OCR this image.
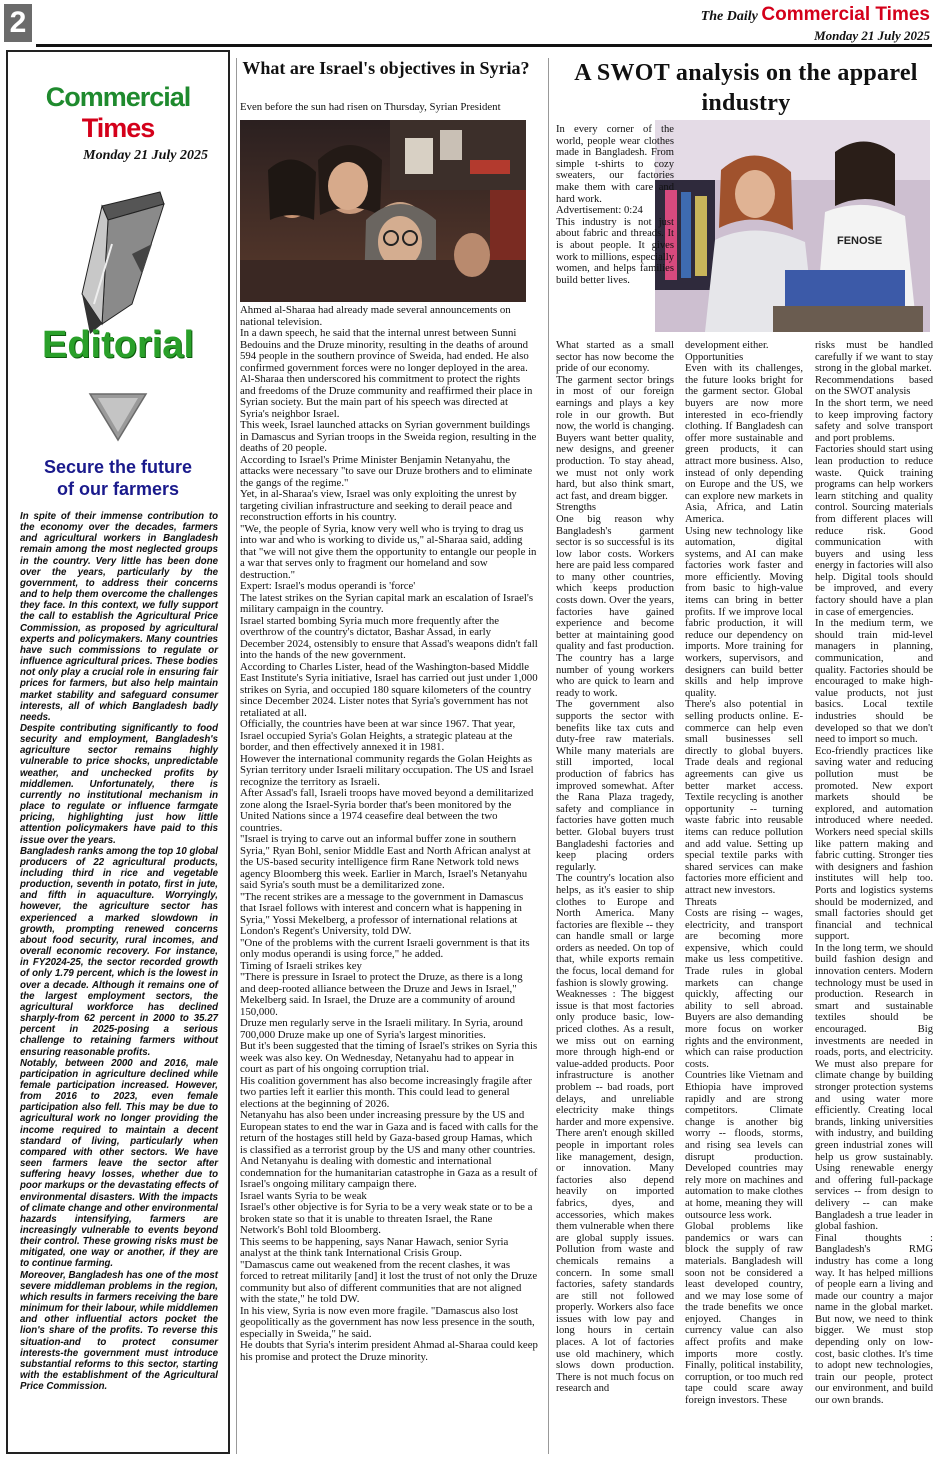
2	The Daily Commercial Times
Monday 21 July 2025
Commercial Times
Monday 21 July 2025
Editorial
Secure the future
of our farmers

In spite of their immense contribution to the economy over the decades, farmers and agricultural workers in Bangladesh remain among the most neglected groups in the country. Very little has been done over the years, particularly by the government, to address their concerns and to help them overcome the challenges they face. In this context, we fully support the call to establish the Agricultural Price Commission, as proposed by agricultural experts and policymakers. Many countries have such commissions to regulate or influence agricultural prices. These bodies not only play a crucial role in ensuring fair prices for farmers, but also help maintain market stability and safeguard consumer interests, all of which Bangladesh badly needs.

Despite contributing significantly to food security and employment, Bangladesh's agriculture sector remains highly vulnerable to price shocks, unpredictable weather, and unchecked profits by middlemen. Unfortunately, there is currently no institutional mechanism in place to regulate or influence farmgate pricing, highlighting just how little attention policymakers have paid to this issue over the years.

Bangladesh ranks among the top 10 global producers of 22 agricultural products, including third in rice and vegetable production, seventh in potato, first in jute, and fifth in aquaculture. Worryingly, however, the agriculture sector has experienced a marked slowdown in growth, prompting renewed concerns about food security, rural incomes, and overall economic recovery. For instance, in FY2024-25, the sector recorded growth of only 1.79 percent, which is the lowest in over a decade. Although it remains one of the largest employment sectors, the agricultural workforce has declined sharply-from 62 percent in 2000 to 35.27 percent in 2025-posing a serious challenge to retaining farmers without ensuring reasonable profits.

Notably, between 2000 and 2016, male participation in agriculture declined while female participation increased. However, from 2016 to 2023, even female participation also fell. This may be due to agricultural work no longer providing the income required to maintain a decent standard of living, particularly when compared with other sectors. We have seen farmers leave the sector after suffering heavy losses, whether due to poor markups or the devastating effects of environmental disasters. With the impacts of climate change and other environmental hazards intensifying, farmers are increasingly vulnerable to events beyond their control. These growing risks must be mitigated, one way or another, if they are to continue farming.

Moreover, Bangladesh has one of the most severe middleman problems in the region, which results in farmers receiving the bare minimum for their labour, while middlemen and other influential actors pocket the lion's share of the profits. To reverse this situation-and to protect consumer interests-the government must introduce substantial reforms to this sector, starting with the establishment of the Agricultural Price Commission.

What are Israel's objectives in Syria?
Even before the sun had risen on Thursday, Syrian President

Ahmed al-Sharaa had already made several announcements on national television.

In a dawn speech, he said that the internal unrest between Sunni Bedouins and the Druze minority, resulting in the deaths of around 594 people in the southern province of Sweida, had ended. He also confirmed government forces were no longer deployed in the area.

Al-Sharaa then underscored his commitment to protect the rights and freedoms of the Druze community and reaffirmed their place in Syrian society. But the main part of his speech was directed at Syria's neighbor Israel.

This week, Israel launched attacks on Syrian government buildings in Damascus and Syrian troops in the Sweida region, resulting in the deaths of 20 people.

According to Israel's Prime Minister Benjamin Netanyahu, the attacks were necessary "to save our Druze brothers and to eliminate the gangs of the regime."

Yet, in al-Sharaa's view, Israel was only exploiting the unrest by targeting civilian infrastructure and seeking to derail peace and reconstruction efforts in his country.

"We, the people of Syria, know very well who is trying to drag us into war and who is working to divide us," al-Sharaa said, adding that "we will not give them the opportunity to entangle our people in a war that serves only to fragment our homeland and sow destruction."

Expert: Israel's modus operandi is 'force'

The latest strikes on the Syrian capital mark an escalation of Israel's military campaign in the country.

Israel started bombing Syria much more frequently after the overthrow of the country's dictator, Bashar Assad, in early December 2024, ostensibly to ensure that Assad's weapons didn't fall into the hands of the new government.

According to Charles Lister, head of the Washington-based Middle East Institute's Syria initiative, Israel has carried out just under 1,000 strikes on Syria, and occupied 180 square kilometers of the country since December 2024. Lister notes that Syria's government has not retaliated at all.

Officially, the countries have been at war since 1967. That year, Israel occupied Syria's Golan Heights, a strategic plateau at the border, and then effectively annexed it in 1981.

However the international community regards the Golan Heights as Syrian territory under Israeli military occupation. The US and Israel recognize the territory as Israeli.

After Assad's fall, Israeli troops have moved beyond a demilitarized zone along the Israel-Syria border that's been monitored by the United Nations since a 1974 ceasefire deal between the two countries.

"Israel is trying to carve out an informal buffer zone in southern Syria," Ryan Bohl, senior Middle East and North African analyst at the US-based security intelligence firm Rane Network told news agency Bloomberg this week. Earlier in March, Israel's Netanyahu said Syria's south must be a demilitarized zone.

"The recent strikes are a message to the government in Damascus that Israel follows with interest and concern what is happening in Syria," Yossi Mekelberg, a professor of international relations at London's Regent's University, told DW.

"One of the problems with the current Israeli government is that its only modus operandi is using force," he added.

Timing of Israeli strikes key

"There is pressure in Israel to protect the Druze, as there is a long and deep-rooted alliance between the Druze and Jews in Israel," Mekelberg said. In Israel, the Druze are a community of around 150,000.

Druze men regularly serve in the Israeli military. In Syria, around 700,000 Druze make up one of Syria's largest minorities.

But it's been suggested that the timing of Israel's strikes on Syria this week was also key. On Wednesday, Netanyahu had to appear in court as part of his ongoing corruption trial.

His coalition government has also become increasingly fragile after two parties left it earlier this month. This could lead to general elections at the beginning of 2026.

Netanyahu has also been under increasing pressure by the US and European states to end the war in Gaza and is faced with calls for the return of the hostages still held by Gaza-based group Hamas, which is classified as a terrorist group by the US and many other countries.

And Netanyahu is dealing with domestic and international condemnation for the humanitarian catastrophe in Gaza as a result of Israel's ongoing military campaign there.

Israel wants Syria to be weak

Israel's other objective is for Syria to be a very weak state or to be a broken state so that it is unable to threaten Israel, the Rane Network's Bohl told Bloomberg.

This seems to be happening, says Nanar Hawach, senior Syria analyst at the think tank International Crisis Group.

"Damascus came out weakened from the recent clashes, it was forced to retreat militarily [and] it lost the trust of not only the Druze community but also of different communities that are not aligned with the state," he told DW.

In his view, Syria is now even more fragile. "Damascus also lost geopolitically as the government has now less presence in the south, especially in Sweida," he said.

He doubts that Syria's interim president Ahmad al-Sharaa could keep his promise and protect the Druze minority.

A SWOT analysis on the apparel industry
FENOSE

In every corner of the world, people wear clothes made in Bangladesh. From simple t-shirts to cozy sweaters, our factories make them with care and hard work.

Advertisement: 0:24

This industry is not just about fabric and threads. It is about people. It gives work to millions, especially women, and helps families build better lives.

What started as a small sector has now become the pride of our economy.

The garment sector brings in most of our foreign earnings and plays a key role in our growth. But now, the world is changing. Buyers want better quality, new designs, and greener production. To stay ahead, we must not only work hard, but also think smart, act fast, and dream bigger.

Strengths

One big reason why Bangladesh's garment sector is so successful is its low labor costs. Workers here are paid less compared to many other countries, which keeps production costs down. Over the years, factories have gained experience and become better at maintaining good quality and fast production. The country has a large number of young workers who are quick to learn and ready to work.

The government also supports the sector with benefits like tax cuts and duty-free raw materials. While many materials are still imported, local production of fabrics has improved somewhat. After the Rana Plaza tragedy, safety and compliance in factories have gotten much better. Global buyers trust Bangladeshi factories and keep placing orders regularly.

The country's location also helps, as it's easier to ship clothes to Europe and North America. Many factories are flexible -- they can handle small or large orders as needed. On top of that, while exports remain the focus, local demand for fashion is slowly growing.

Weaknesses : The biggest issue is that most factories only produce basic, low-priced clothes. As a result, we miss out on earning more through high-end or value-added products. Poor infrastructure is another problem -- bad roads, port delays, and unreliable electricity make things harder and more expensive. There aren't enough skilled people in important roles like management, design, or innovation. Many factories also depend heavily on imported fabrics, dyes, and accessories, which makes them vulnerable when there are global supply issues. Pollution from waste and chemicals remains a concern. In some small factories, safety standards are still not followed properly. Workers also face issues with low pay and long hours in certain places. A lot of factories use old machinery, which slows down production. There is not much focus on research and

development either.

Opportunities

Even with its challenges, the future looks bright for the garment sector. Global buyers are now more interested in eco-friendly clothing. If Bangladesh can offer more sustainable and green products, it can attract more business. Also, instead of only depending on Europe and the US, we can explore new markets in Asia, Africa, and Latin America.

Using new technology like automation, digital systems, and AI can make factories work faster and more efficiently. Moving from basic to high-value items can bring in better profits. If we improve local fabric production, it will reduce our dependency on imports. More training for workers, supervisors, and designers can build better skills and help improve quality.

There's also potential in selling products online. E-commerce can help even small businesses sell directly to global buyers. Trade deals and regional agreements can give us better market access. Textile recycling is another opportunity -- turning waste fabric into reusable items can reduce pollution and add value. Setting up special textile parks with shared services can make factories more efficient and attract new investors.

Threats

Costs are rising -- wages, electricity, and transport are becoming more expensive, which could make us less competitive. Trade rules in global markets can change quickly, affecting our ability to sell abroad. Buyers are also demanding more focus on worker rights and the environment, which can raise production costs.

Countries like Vietnam and Ethiopia have improved rapidly and are strong competitors. Climate change is another big worry -- floods, storms, and rising sea levels can disrupt production. Developed countries may rely more on machines and automation to make clothes at home, meaning they will outsource less work.

Global problems like pandemics or wars can block the supply of raw materials. Bangladesh will soon not be considered a least developed country, and we may lose some of the trade benefits we once enjoyed. Changes in currency value can also affect profits and make imports more costly. Finally, political instability, corruption, or too much red tape could scare away foreign investors. These

risks must be handled carefully if we want to stay strong in the global market.

Recommendations based on the SWOT analysis

In the short term, we need to keep improving factory safety and solve transport and port problems.

Factories should start using lean production to reduce waste. Quick training programs can help workers learn stitching and quality control. Sourcing materials from different places will reduce risk. Good communication with buyers and using less energy in factories will also help. Digital tools should be improved, and every factory should have a plan in case of emergencies.

In the medium term, we should train mid-level managers in planning, communication, and quality. Factories should be encouraged to make high-value products, not just basics. Local textile industries should be developed so that we don't need to import so much.

Eco-friendly practices like saving water and reducing pollution must be promoted. New export markets should be explored, and automation introduced where needed. Workers need special skills like pattern making and fabric cutting. Stronger ties with designers and fashion institutes will help too. Ports and logistics systems should be modernized, and small factories should get financial and technical support.

In the long term, we should build fashion design and innovation centers. Modern technology must be used in production. Research in smart and sustainable textiles should be encouraged. Big investments are needed in roads, ports, and electricity. We must also prepare for climate change by building stronger protection systems and using water more efficiently. Creating local brands, linking universities with industry, and building green industrial zones will help us grow sustainably. Using renewable energy and offering full-package services -- from design to delivery -- can make Bangladesh a true leader in global fashion.

Final thoughts : Bangladesh's RMG industry has come a long way. It has helped millions of people earn a living and made our country a major name in the global market. But now, we need to think bigger. We must stop depending only on low-cost, basic clothes. It's time to adopt new technologies, train our people, protect our environment, and build our own brands.
